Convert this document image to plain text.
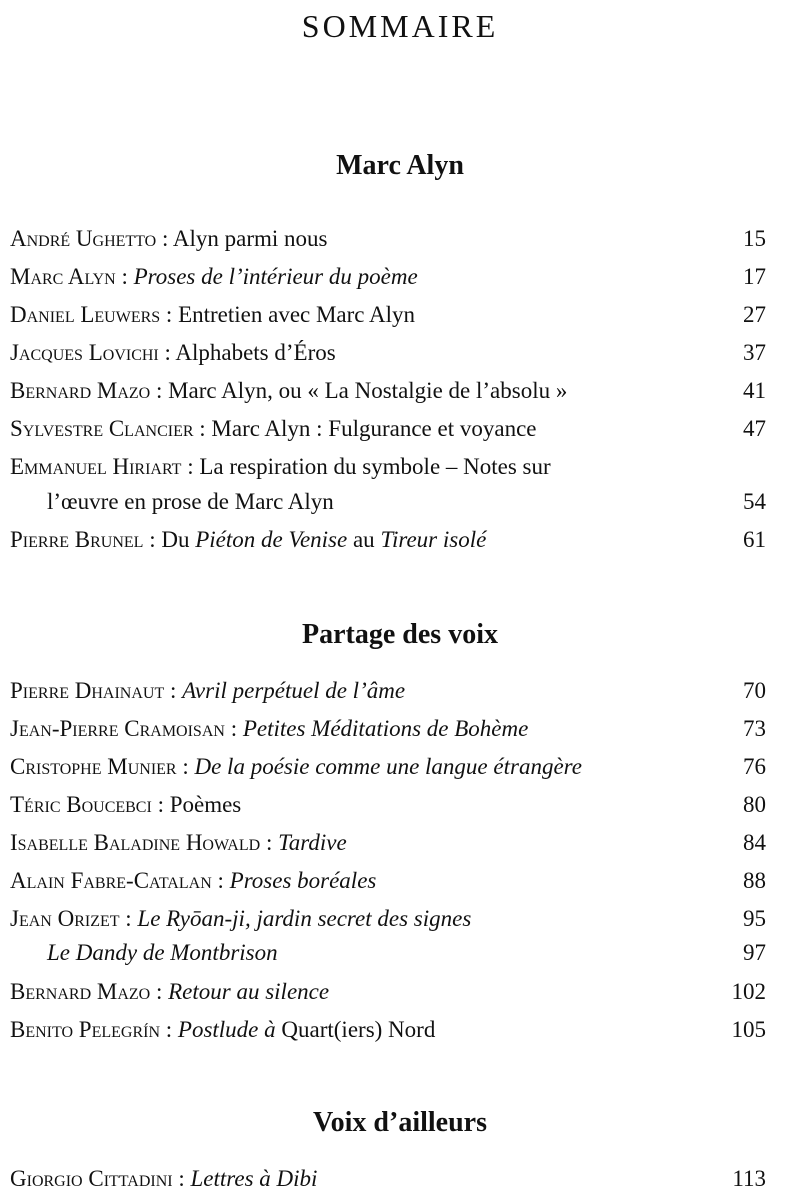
SOMMAIRE
Marc Alyn
André Ughetto : Alyn parmi nous	15
Marc Alyn : Proses de l’intérieur du poème	17
Daniel Leuwers : Entretien avec Marc Alyn	27
Jacques Lovichi : Alphabets d’Éros	37
Bernard Mazo : Marc Alyn, ou « La Nostalgie de l’absolu »	41
Sylvestre Clancier : Marc Alyn : Fulgurance et voyance	47
Emmanuel Hiriart : La respiration du symbole – Notes sur
l’œuvre en prose de Marc Alyn	54
Pierre Brunel : Du Piéton de Venise au Tireur isolé	61
Partage des voix
Pierre Dhainaut : Avril perpétuel de l’âme	70
Jean-Pierre Cramoisan : Petites Méditations de Bohème	73
Cristophe Munier : De la poésie comme une langue étrangère	76
Téric Boucebci : Poèmes	80
Isabelle Baladine Howald : Tardive	84
Alain Fabre-Catalan : Proses boréales	88
Jean Orizet : Le Ryōan-ji, jardin secret des signes	95
Le Dandy de Montbrison	97
Bernard Mazo : Retour au silence	102
Benito Pelegrín : Postlude à Quart(iers) Nord	105
Voix d’ailleurs
Giorgio Cittadini : Lettres à Dibi	113
